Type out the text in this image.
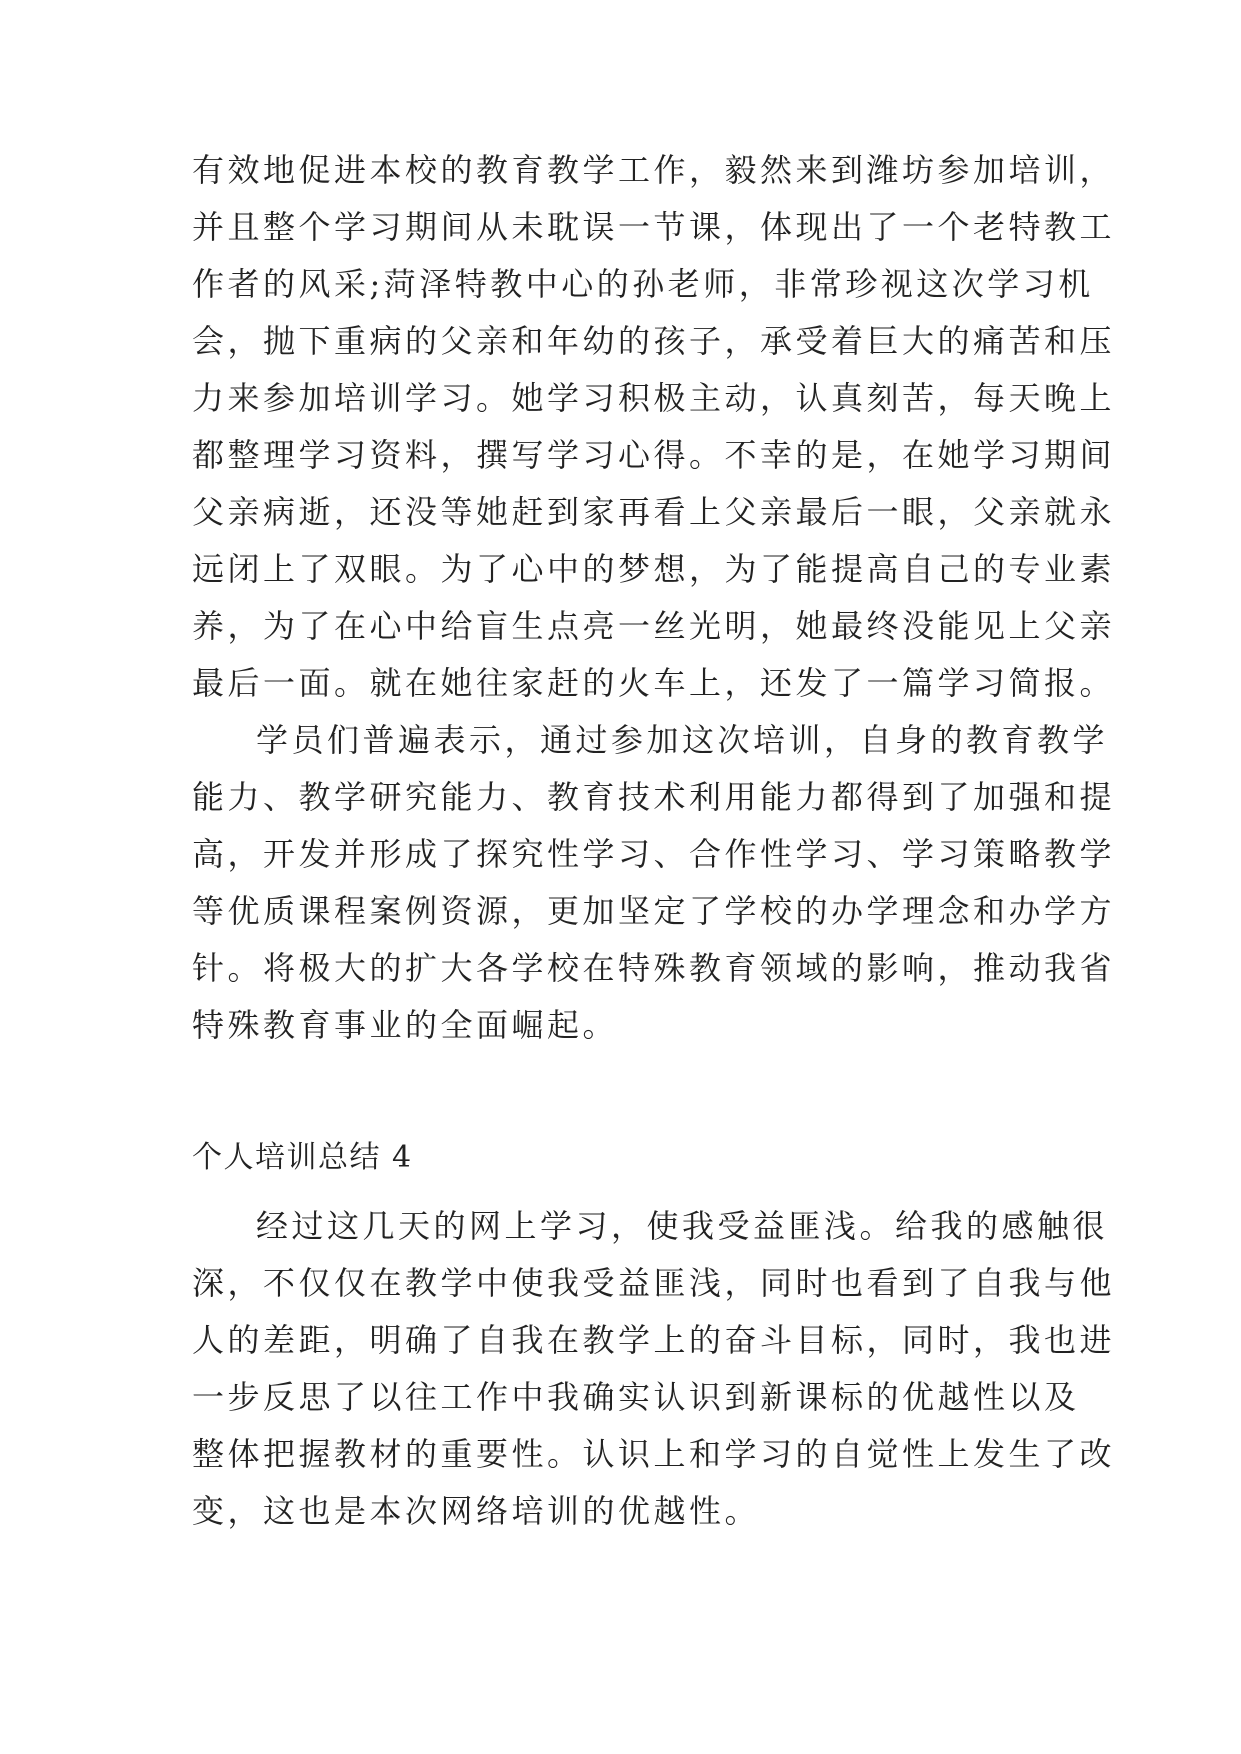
有效地促进本校的教育教学工作，毅然来到潍坊参加培训，
并且整个学习期间从未耽误一节课，体现出了一个老特教工
作者的风采;菏泽特教中心的孙老师，非常珍视这次学习机
会，抛下重病的父亲和年幼的孩子，承受着巨大的痛苦和压
力来参加培训学习。她学习积极主动，认真刻苦，每天晚上
都整理学习资料，撰写学习心得。不幸的是，在她学习期间
父亲病逝，还没等她赶到家再看上父亲最后一眼，父亲就永
远闭上了双眼。为了心中的梦想，为了能提高自己的专业素
养，为了在心中给盲生点亮一丝光明，她最终没能见上父亲
最后一面。就在她往家赶的火车上，还发了一篇学习简报。
学员们普遍表示，通过参加这次培训，自身的教育教学
能力、教学研究能力、教育技术利用能力都得到了加强和提
高，开发并形成了探究性学习、合作性学习、学习策略教学
等优质课程案例资源，更加坚定了学校的办学理念和办学方
针。将极大的扩大各学校在特殊教育领域的影响，推动我省
特殊教育事业的全面崛起。
个人培训总结 4
经过这几天的网上学习，使我受益匪浅。给我的感触很
深，不仅仅在教学中使我受益匪浅，同时也看到了自我与他
人的差距，明确了自我在教学上的奋斗目标，同时，我也进
一步反思了以往工作中我确实认识到新课标的优越性以及
整体把握教材的重要性。认识上和学习的自觉性上发生了改
变，这也是本次网络培训的优越性。
